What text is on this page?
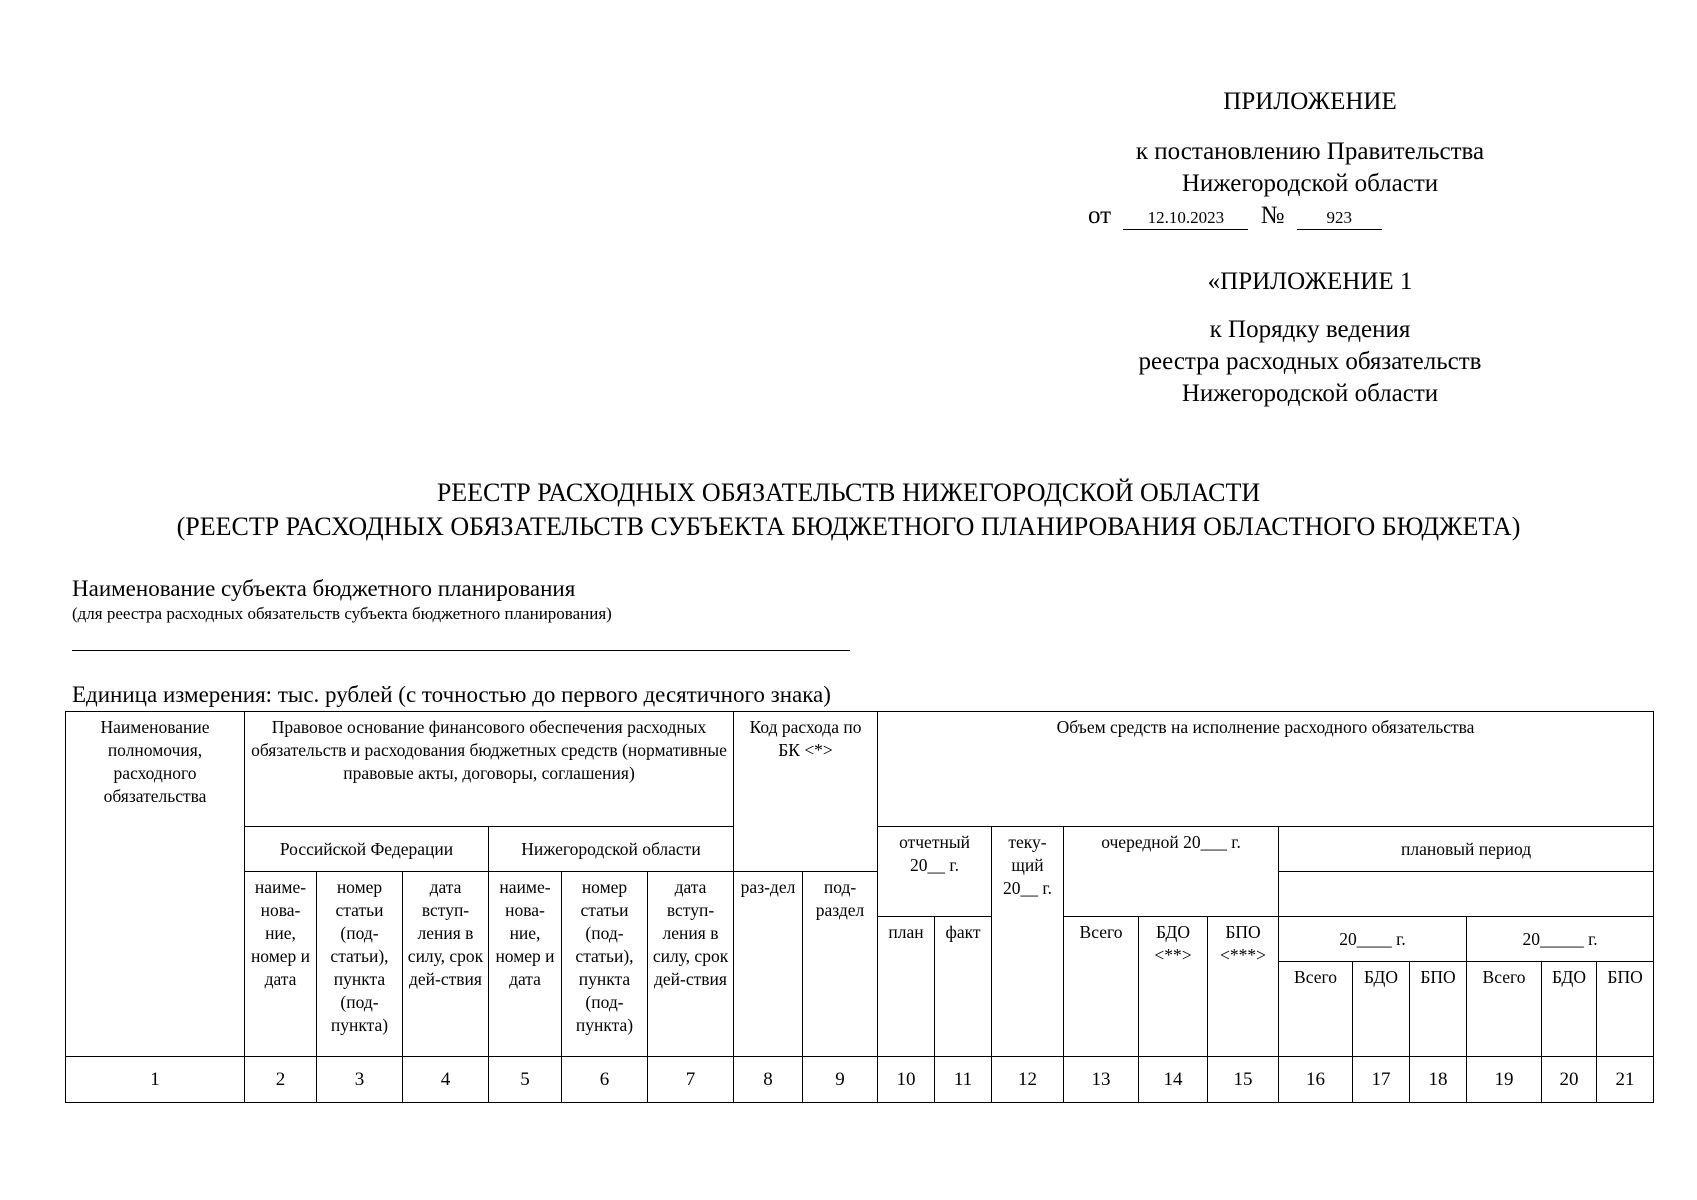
ПРИЛОЖЕНИЕ
к постановлению Правительства
Нижегородской области
от 12.10.2023 № 923
«ПРИЛОЖЕНИЕ 1
к Порядку ведения
реестра расходных обязательств
Нижегородской области
РЕЕСТР РАСХОДНЫХ ОБЯЗАТЕЛЬСТВ НИЖЕГОРОДСКОЙ ОБЛАСТИ
(РЕЕСТР РАСХОДНЫХ ОБЯЗАТЕЛЬСТВ СУБЪЕКТА БЮДЖЕТНОГО ПЛАНИРОВАНИЯ ОБЛАСТНОГО БЮДЖЕТА)
Наименование субъекта бюджетного планирования
(для реестра расходных обязательств субъекта бюджетного планирования)
Единица измерения: тыс. рублей (с точностью до первого десятичного знака)
Наименование полномочия, расходного обязательства	Правовое основание финансового обеспечения расходных обязательств и расходования бюджетных средств (нормативные правовые акты, договоры, соглашения)						Код расхода по БК <*>		Объем средств на исполнение расходного обязательства											
	Российской Федерации			Нижегородской области					отчетный 20__ г.		теку-щий 20__ г.	очередной 20___ г.			плановый период					
	наиме-нова-ние, номер и дата	номер статьи (под-статьи), пункта (под-пункта)	дата вступ-ления в силу, срок дей-ствия	наиме-нова-ние, номер и дата	номер статьи (под-статьи), пункта (под-пункта)	дата вступ-ления в силу, срок дей-ствия	раз-дел	под-раздел												
									план	факт		Всего	БДО <**>	БПО <***>	20____ г.			20_____ г.		
															Всего	БДО	БПО	Всего	БДО	БПО
1	2	3	4	5	6	7	8	9	10	11	12	13	14	15	16	17	18	19	20	21
